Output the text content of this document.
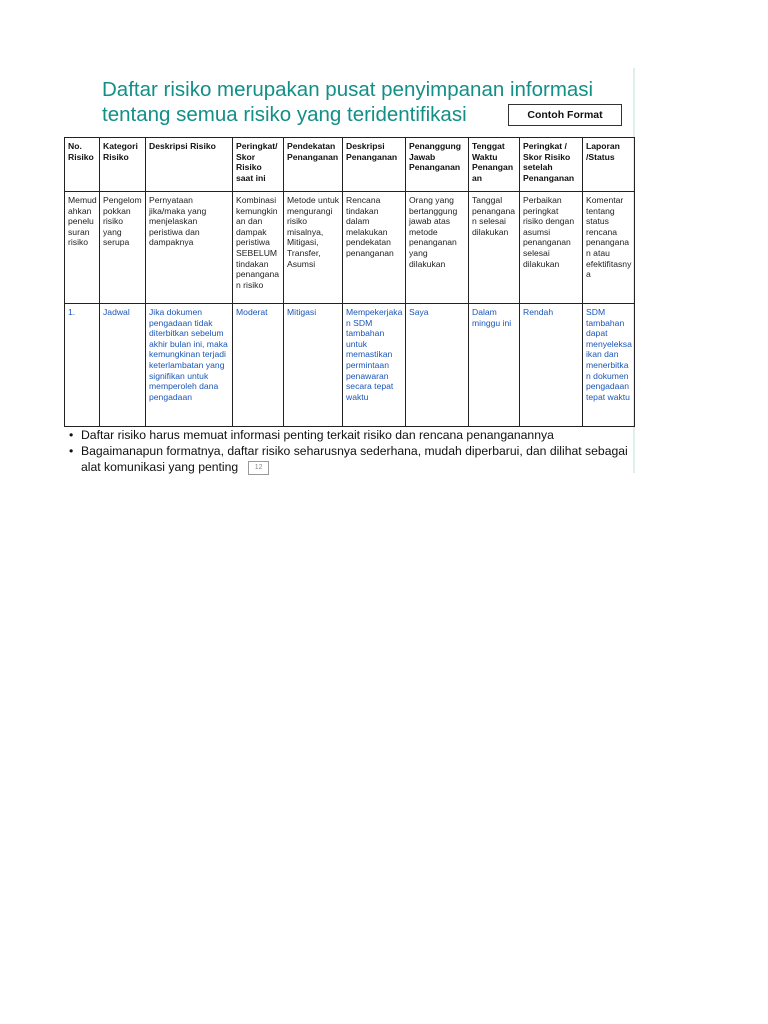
Daftar risiko merupakan pusat penyimpanan informasi
tentang semua risiko yang teridentifikasi	Contoh Format
No. Risiko	Kategori Risiko	Deskripsi Risiko	Peringkat/ Skor Risiko saat ini	Pendekatan Penanganan	Deskripsi Penanganan	Penanggung Jawab Penanganan	Tenggat Waktu Penanganan	Peringkat / Skor Risiko setelah Penanganan	Laporan /Status
Memudahkan penelusuran risiko	Pengelompokkan risiko yang serupa	Pernyataan jika/maka yang menjelaskan peristiwa dan dampaknya	Kombinasi kemungkinan dan dampak peristiwa SEBELUM tindakan penanganan risiko	Metode untuk mengurangi risiko misalnya, Mitigasi, Transfer, Asumsi	Rencana tindakan dalam melakukan pendekatan penanganan	Orang yang bertanggung jawab atas metode penanganan yang dilakukan	Tanggal penanganan selesai dilakukan	Perbaikan peringkat risiko dengan asumsi penanganan selesai dilakukan	Komentar tentang status rencana penanganan atau efektifitasnya
1.	Jadwal	Jika dokumen pengadaan tidak diterbitkan sebelum akhir bulan ini, maka kemungkinan terjadi keterlambatan yang signifikan untuk memperoleh dana pengadaan	Moderat	Mitigasi	Mempekerjakan SDM tambahan untuk memastikan permintaan penawaran secara tepat waktu	Saya	Dalam minggu ini	Rendah	SDM tambahan dapat menyeleksaikan dan menerbitkan dokumen pengadaan tepat waktu
• Daftar risiko harus memuat informasi penting terkait risiko dan rencana penanganannya
• Bagaimanapun formatnya, daftar risiko seharusnya sederhana, mudah diperbarui, dan dilihat sebagai alat komunikasi yang penting 12
